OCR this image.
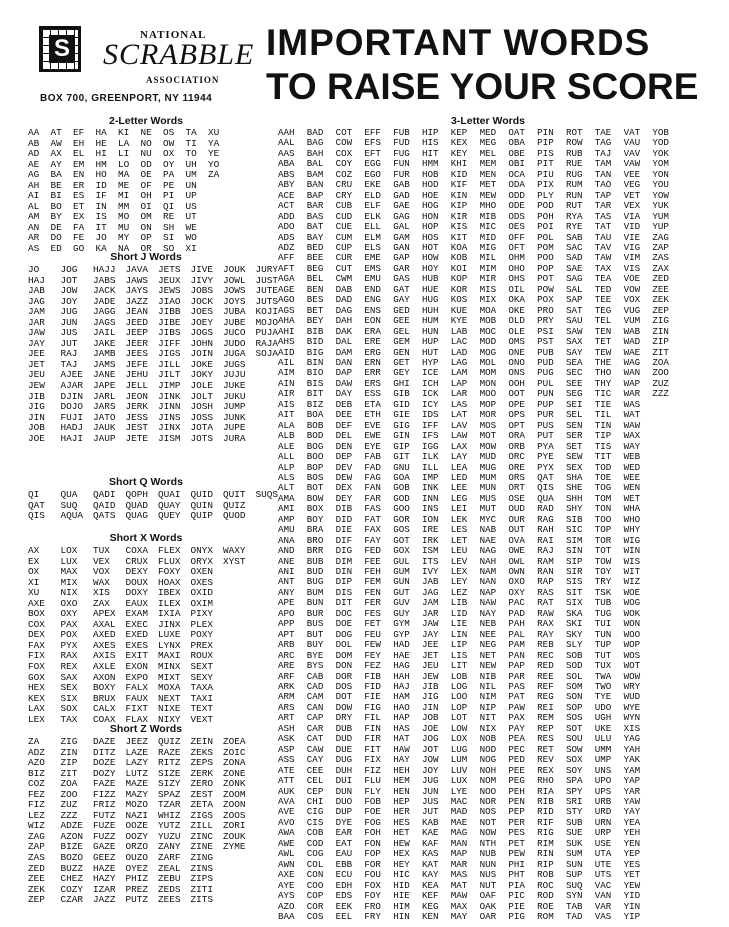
S	NATIONAL
SCRABBLE
ASSOCIATION
BOX 700, GREENPORT, NY 11944
IMPORTANT WORDS
TO RAISE YOUR SCORE
2-Letter Words
Short J Words
Short Q Words
Short X Words
Short Z Words
3-Letter Words
AA
AB
AD
AE
AG
AH
AI
AL
AM
AN
AR
AS
AT
AW
AX
AY
BA
BE
BI
BO
BY
DE
DO
ED
EF
EH
EL
EM
EN
ER
ES
ET
EX
FA
FE
GO
HA
HE
HI
HM
HO
ID
IF
IN
IS
IT
JO
KA
KI
LA
LI
LO
MA
ME
MI
MM
MO
MU
MY
NA
NE
NO
NU
OD
OE
OF
OH
OI
OM
ON
OP
OR
OS
OW
OX
OY
PA
PE
PI
QI
RE
SH
SI
SO
TA
TI
TO
UH
UM
UN
UP
US
UT
WE
WO
XI
XU
YA
YE
YO
ZA
JO
HAJ
JAB
JAG
JAM
JAR
JAW
JAY
JEE
JET
JEU
JEW
JIB
JIG
JIN
JOB
JOE
JOG
JOT
JOW
JOY
JUG
JUN
JUS
JUT
RAJ
TAJ
AJEE
AJAR
DJIN
DOJO
FUJI
HADJ
HAJI
HAJJ
JABS
JACK
JADE
JAGG
JAGS
JAIL
JAKE
JAMB
JAMS
JANE
JAPE
JARL
JARS
JATO
JAUK
JAUP
JAVA
JAWS
JAYS
JAZZ
JEAN
JEED
JEEP
JEER
JEES
JEFE
JEHU
JELL
JEON
JERK
JESS
JEST
JETE
JETS
JEUX
JEWS
JIAO
JIBB
JIBE
JIBS
JIFF
JIGS
JILL
JILT
JIMP
JINK
JINN
JINS
JINX
JISM
JIVE
JIVY
JOBS
JOCK
JOES
JOEY
JOGS
JOHN
JOIN
JOKE
JOKY
JOLE
JOLT
JOSH
JOSS
JOTA
JOTS
JOUK
JOWL
JOWS
JOYS
JUBA
JUBE
JUCO
JUDO
JUGA
JUGS
JUJU
JUKE
JUKU
JUMP
JUNK
JUPE
JURA
JURY
JUST
JUTE
JUTS
KOJI
MOJO
PUJA
RAJA
SOJA
QI
QAT
QIS
QUA
SUQ
AQUA
QADI
QAID
QATS
QOPH
QUAD
QUAG
QUAI
QUAY
QUEY
QUID
QUIN
QUIP
QUIT
QUIZ
QUOD
SUQS
AX
EX
OX
XI
XU
AXE
BOX
COX
DEX
FAX
FIX
FOX
GOX
HEX
KEX
LAX
LEX
LOX
LUX
MAX
MIX
NIX
OXO
OXY
PAX
POX
PYX
RAX
REX
SAX
SEX
SIX
SOX
TAX
TUX
VEX
VOX
WAX
XIS
ZAX
APEX
AXAL
AXED
AXES
AXIS
AXLE
AXON
BOXY
BRUX
CALX
COAX
COXA
CRUX
DEXY
DOUX
DOXY
EAUX
EXAM
EXEC
EXED
EXES
EXIT
EXON
EXPO
FALX
FAUX
FIXT
FLAX
FLEX
FLUX
FOXY
HOAX
IBEX
ILEX
IXIA
JINX
LUXE
LYNX
MAXI
MINX
MIXT
MOXA
NEXT
NIXE
NIXY
ONYX
ORYX
OXEN
OXES
OXID
OXIM
PIXY
PLEX
POXY
PREX
ROUX
SEXT
SEXY
TAXA
TAXI
TEXT
VEXT
WAXY
XYST
ZA
ADZ
AZO
BIZ
COZ
FEZ
FIZ
LEZ
WIZ
ZAG
ZAP
ZAS
ZED
ZEE
ZEK
ZEP
ZIG
ZIN
ZIP
ZIT
ZOA
ZOO
ZUZ
ZZZ
ADZE
AZON
BIZE
BOZO
BUZZ
CHEZ
COZY
CZAR
DAZE
DITZ
DOZE
DOZY
FAZE
FIZZ
FRIZ
FUTZ
FUZE
FUZZ
GAZE
GEEZ
HAZE
HAZY
IZAR
JAZZ
JEEZ
LAZE
LAZY
LUTZ
MAZE
MAZY
MOZO
NAZI
OOZE
OOZY
ORZO
OUZO
OYEZ
PHIZ
PREZ
PUTZ
QUIZ
RAZE
RITZ
SIZE
SIZY
SPAZ
TZAR
WHIZ
YUTZ
YUZU
ZANY
ZARF
ZEAL
ZEBU
ZEDS
ZEES
ZEIN
ZEKS
ZEPS
ZERK
ZERO
ZEST
ZETA
ZIGS
ZILL
ZINC
ZINE
ZING
ZINS
ZIPS
ZITI
ZITS
ZOEA
ZOIC
ZONA
ZONE
ZONK
ZOOM
ZOON
ZOOS
ZORI
ZOUK
ZYME
AAH
AAL
AAS
ABA
ABS
ABY
ACE
ACT
ADD
ADO
ADS
ADZ
AFF
AFT
AGA
AGE
AGO
AGS
AHA
AHI
AHS
AID
AIL
AIM
AIN
AIR
AIS
AIT
ALA
ALB
ALE
ALL
ALP
ALS
ALT
AMA
AMI
AMP
AMU
ANA
AND
ANE
ANI
ANT
ANY
APE
APO
APP
APT
ARB
ARC
ARE
ARF
ARK
ARM
ARS
ART
ASH
ASK
ASP
ASS
ATE
ATT
AUK
AVA
AVE
AVO
AWA
AWE
AWL
AWN
AXE
AYE
AYS
AZO
BAA
BAD
BAG
BAH
BAL
BAM
BAN
BAP
BAR
BAS
BAT
BAY
BED
BEE
BEG
BEL
BEN
BES
BET
BEY
BIB
BID
BIG
BIN
BIO
BIS
BIT
BIZ
BOA
BOB
BOD
BOG
BOO
BOP
BOS
BOT
BOW
BOX
BOY
BRA
BRO
BRR
BUB
BUD
BUG
BUM
BUN
BUR
BUS
BUT
BUY
BYE
BYS
CAB
CAD
CAM
CAN
CAP
CAR
CAT
CAW
CAY
CEE
CEL
CEP
CHI
CIG
CIS
COB
COD
COG
COL
CON
COO
COP
COR
COS
COT
COW
COX
COY
COZ
CRU
CRY
CUB
CUD
CUE
CUM
CUP
CUR
CUT
CWM
DAB
DAD
DAG
DAH
DAK
DAL
DAM
DAN
DAP
DAW
DAY
DEB
DEE
DEF
DEL
DEN
DEP
DEV
DEW
DEX
DEY
DIB
DID
DIE
DIF
DIG
DIM
DIN
DIP
DIS
DIT
DOC
DOE
DOG
DOL
DOM
DON
DOR
DOS
DOT
DOW
DRY
DUB
DUD
DUE
DUG
DUH
DUI
DUN
DUO
DUP
DYE
EAR
EAT
EAU
EBB
ECU
EDH
EDS
EEK
EEL
EFF
EFS
EFT
EGG
EGO
EKE
ELD
ELF
ELK
ELL
ELM
ELS
EME
EMS
EMU
END
ENG
ENS
EON
ERA
ERE
ERG
ERN
ERR
ERS
ESS
ETA
ETH
EVE
EWE
EYE
FAB
FAD
FAG
FAN
FAR
FAS
FAT
FAX
FAY
FED
FEE
FEH
FEM
FEN
FER
FES
FET
FEU
FEW
FEY
FEZ
FIB
FID
FIE
FIG
FIL
FIN
FIR
FIT
FIX
FIZ
FLU
FLY
FOB
FOE
FOG
FOH
FON
FOP
FOR
FOU
FOX
FOY
FRO
FRY
FUB
FUD
FUG
FUN
FUR
GAB
GAD
GAE
GAG
GAL
GAM
GAN
GAP
GAR
GAS
GAT
GAY
GED
GEE
GEL
GEM
GEN
GET
GEY
GHI
GIB
GID
GIE
GIG
GIN
GIP
GIT
GNU
GOA
GOB
GOD
GOO
GOR
GOS
GOT
GOX
GUL
GUM
GUN
GUT
GUV
GUY
GYM
GYP
HAD
HAE
HAG
HAH
HAJ
HAM
HAO
HAP
HAS
HAT
HAW
HAY
HEH
HEM
HEN
HEP
HER
HES
HET
HEW
HEX
HEY
HIC
HID
HIE
HIM
HIN
HIP
HIS
HIT
HMM
HOB
HOD
HOE
HOG
HON
HOP
HOS
HOT
HOW
HOY
HUB
HUE
HUG
HUH
HUM
HUN
HUP
HUT
HYP
ICE
ICH
ICK
ICY
IDS
IFF
IFS
IGG
ILK
ILL
IMP
INK
INN
INS
ION
IRE
IRK
ISM
ITS
IVY
JAB
JAG
JAM
JAR
JAW
JAY
JEE
JET
JEU
JEW
JIB
JIG
JIN
JOB
JOE
JOG
JOT
JOW
JOY
JUG
JUN
JUS
JUT
KAB
KAE
KAF
KAS
KAT
KAY
KEA
KEF
KEG
KEN
KEP
KEX
KEY
KHI
KID
KIF
KIN
KIP
KIR
KIS
KIT
KOA
KOB
KOI
KOP
KOR
KOS
KUE
KYE
LAB
LAC
LAD
LAG
LAM
LAP
LAR
LAS
LAT
LAV
LAW
LAX
LAY
LEA
LED
LEE
LEG
LEI
LEK
LES
LET
LEU
LEV
LEX
LEY
LEZ
LIB
LID
LIE
LIN
LIP
LIS
LIT
LOB
LOG
LOO
LOP
LOT
LOW
LOX
LUG
LUM
LUV
LUX
LYE
MAC
MAD
MAE
MAG
MAN
MAP
MAR
MAS
MAT
MAW
MAX
MAY
MED
MEG
MEL
MEM
MEN
MET
MEW
MHO
MIB
MIC
MID
MIG
MIL
MIM
MIR
MIS
MIX
MOA
MOB
MOC
MOD
MOG
MOL
MOM
MON
MOO
MOP
MOR
MOS
MOT
MOW
MUD
MUG
MUM
MUN
MUS
MUT
MYC
NAB
NAE
NAG
NAH
NAM
NAN
NAP
NAW
NAY
NEB
NEE
NEG
NET
NEW
NIB
NIL
NIM
NIP
NIT
NIX
NOB
NOD
NOG
NOH
NOM
NOO
NOR
NOS
NOT
NOW
NTH
NUB
NUN
NUS
NUT
OAF
OAK
OAR
OAT
OBA
OBE
OBI
OCA
ODA
ODD
ODE
ODS
OES
OFF
OFT
OHM
OHO
OHS
OIL
OKA
OKE
OLD
OLE
OMS
ONE
ONO
ONS
OOH
OOT
OPE
OPS
OPT
ORA
ORB
ORC
ORE
ORS
ORT
OSE
OUD
OUR
OUT
OVA
OWE
OWL
OWN
OXO
OXY
PAC
PAD
PAH
PAL
PAM
PAN
PAP
PAR
PAS
PAT
PAW
PAX
PAY
PEA
PEC
PED
PEE
PEG
PEH
PEN
PEP
PER
PES
PET
PEW
PHI
PHT
PIA
PIC
PIE
PIG
PIN
PIP
PIS
PIT
PIU
PIX
PLY
POD
POH
POI
POL
POM
POO
POP
POT
POW
POX
PRO
PRY
PSI
PST
PUB
PUD
PUG
PUL
PUN
PUP
PUR
PUS
PUT
PYA
PYE
PYX
QAT
QIS
QUA
RAD
RAG
RAH
RAI
RAJ
RAM
RAN
RAP
RAS
RAT
RAW
RAX
RAY
REB
REC
RED
REE
REF
REG
REI
REM
REP
RES
RET
REV
REX
RHO
RIA
RIB
RID
RIF
RIG
RIM
RIN
RIP
ROB
ROC
ROD
ROE
ROM
ROT
ROW
RUB
RUE
RUG
RUM
RUN
RUT
RYA
RYE
SAB
SAC
SAD
SAE
SAG
SAL
SAP
SAT
SAU
SAW
SAX
SAY
SEA
SEC
SEE
SEG
SEI
SEL
SEN
SER
SET
SEW
SEX
SHA
SHE
SHH
SHY
SIB
SIC
SIM
SIN
SIP
SIR
SIS
SIT
SIX
SKA
SKI
SKY
SLY
SOB
SOD
SOL
SOM
SON
SOP
SOS
SOT
SOU
SOW
SOX
SOY
SPA
SPY
SRI
STY
SUB
SUE
SUK
SUM
SUN
SUP
SUQ
SYN
TAB
TAD
TAE
TAG
TAJ
TAM
TAN
TAO
TAP
TAR
TAS
TAT
TAU
TAV
TAW
TAX
TEA
TED
TEE
TEG
TEL
TEN
TET
TEW
THE
THO
THY
TIC
TIE
TIL
TIN
TIP
TIS
TIT
TOD
TOE
TOG
TOM
TON
TOO
TOP
TOR
TOT
TOW
TOY
TRY
TSK
TUB
TUG
TUI
TUN
TUP
TUT
TUX
TWA
TWO
TYE
UDO
UGH
UKE
ULU
UMM
UMP
UNS
UPO
UPS
URB
URD
URN
URP
USE
UTA
UTE
UTS
VAC
VAN
VAR
VAS
VAT
VAU
VAV
VAW
VEE
VEG
VET
VEX
VIA
VID
VIE
VIG
VIM
VIS
VOE
VOW
VOX
VUG
VUM
WAB
WAD
WAE
WAG
WAN
WAP
WAR
WAS
WAT
WAW
WAX
WAY
WEB
WED
WEE
WEN
WET
WHA
WHO
WHY
WIG
WIN
WIS
WIT
WIZ
WOE
WOG
WOK
WON
WOO
WOP
WOS
WOT
WOW
WRY
WUD
WYE
WYN
XIS
YAG
YAH
YAK
YAM
YAP
YAR
YAW
YAY
YEA
YEH
YEN
YEP
YES
YET
YEW
YID
YIN
YIP
YOB
YOD
YOK
YOM
YON
YOU
YOW
YUK
YUM
YUP
ZAG
ZAP
ZAS
ZAX
ZED
ZEE
ZEK
ZEP
ZIG
ZIN
ZIP
ZIT
ZOA
ZOO
ZUZ
ZZZ
